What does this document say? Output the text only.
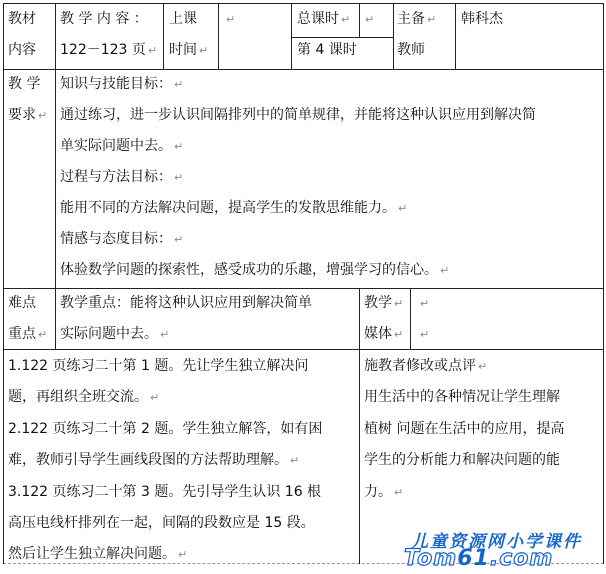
教材
内容
教 学 内 容 ：
122－123 页 ↵
上课
时间 ↵
↵	总课时 ↵ ↵
第 4 课时
主备 ↵
教师
韩科杰
教 学
要求 ↵
知识与技能目标： ↵
通过练习，进一步认识间隔排列中的简单规律，并能将这种认识应用到解决简
单实际问题中去。 ↵
过程与方法目标： ↵
能用不同的方法解决问题，提高学生的发散思维能力。 ↵
情感与态度目标： ↵
体验数学问题的探索性，感受成功的乐趣，增强学习的信心。 ↵
难点
重点 ↵
教学重点：能将这种认识应用到解决简单
实际问题中去。 ↵
教学 ↵
媒体 ↵
↵
↵
1.122 页练习二十第 1 题。先让学生独立解决问
题，再组织全班交流。 ↵
2.122 页练习二十第 2 题。学生独立解答，如有困
难，教师引导学生画线段图的方法帮助理解。 ↵
3.122 页练习二十第 3 题。先引导学生认识 16 根
高压电线杆排列在一起，间隔的段数应是 15 段。
然后让学生独立解决问题。 ↵
施教者修改或点评 ↵
用生活中的各种情况让学生理解
植树 问题在生活中的应用，提高
学生的分析能力和解决问题的能
力。 ↵
儿童资源网小学课件
Tom61.com
